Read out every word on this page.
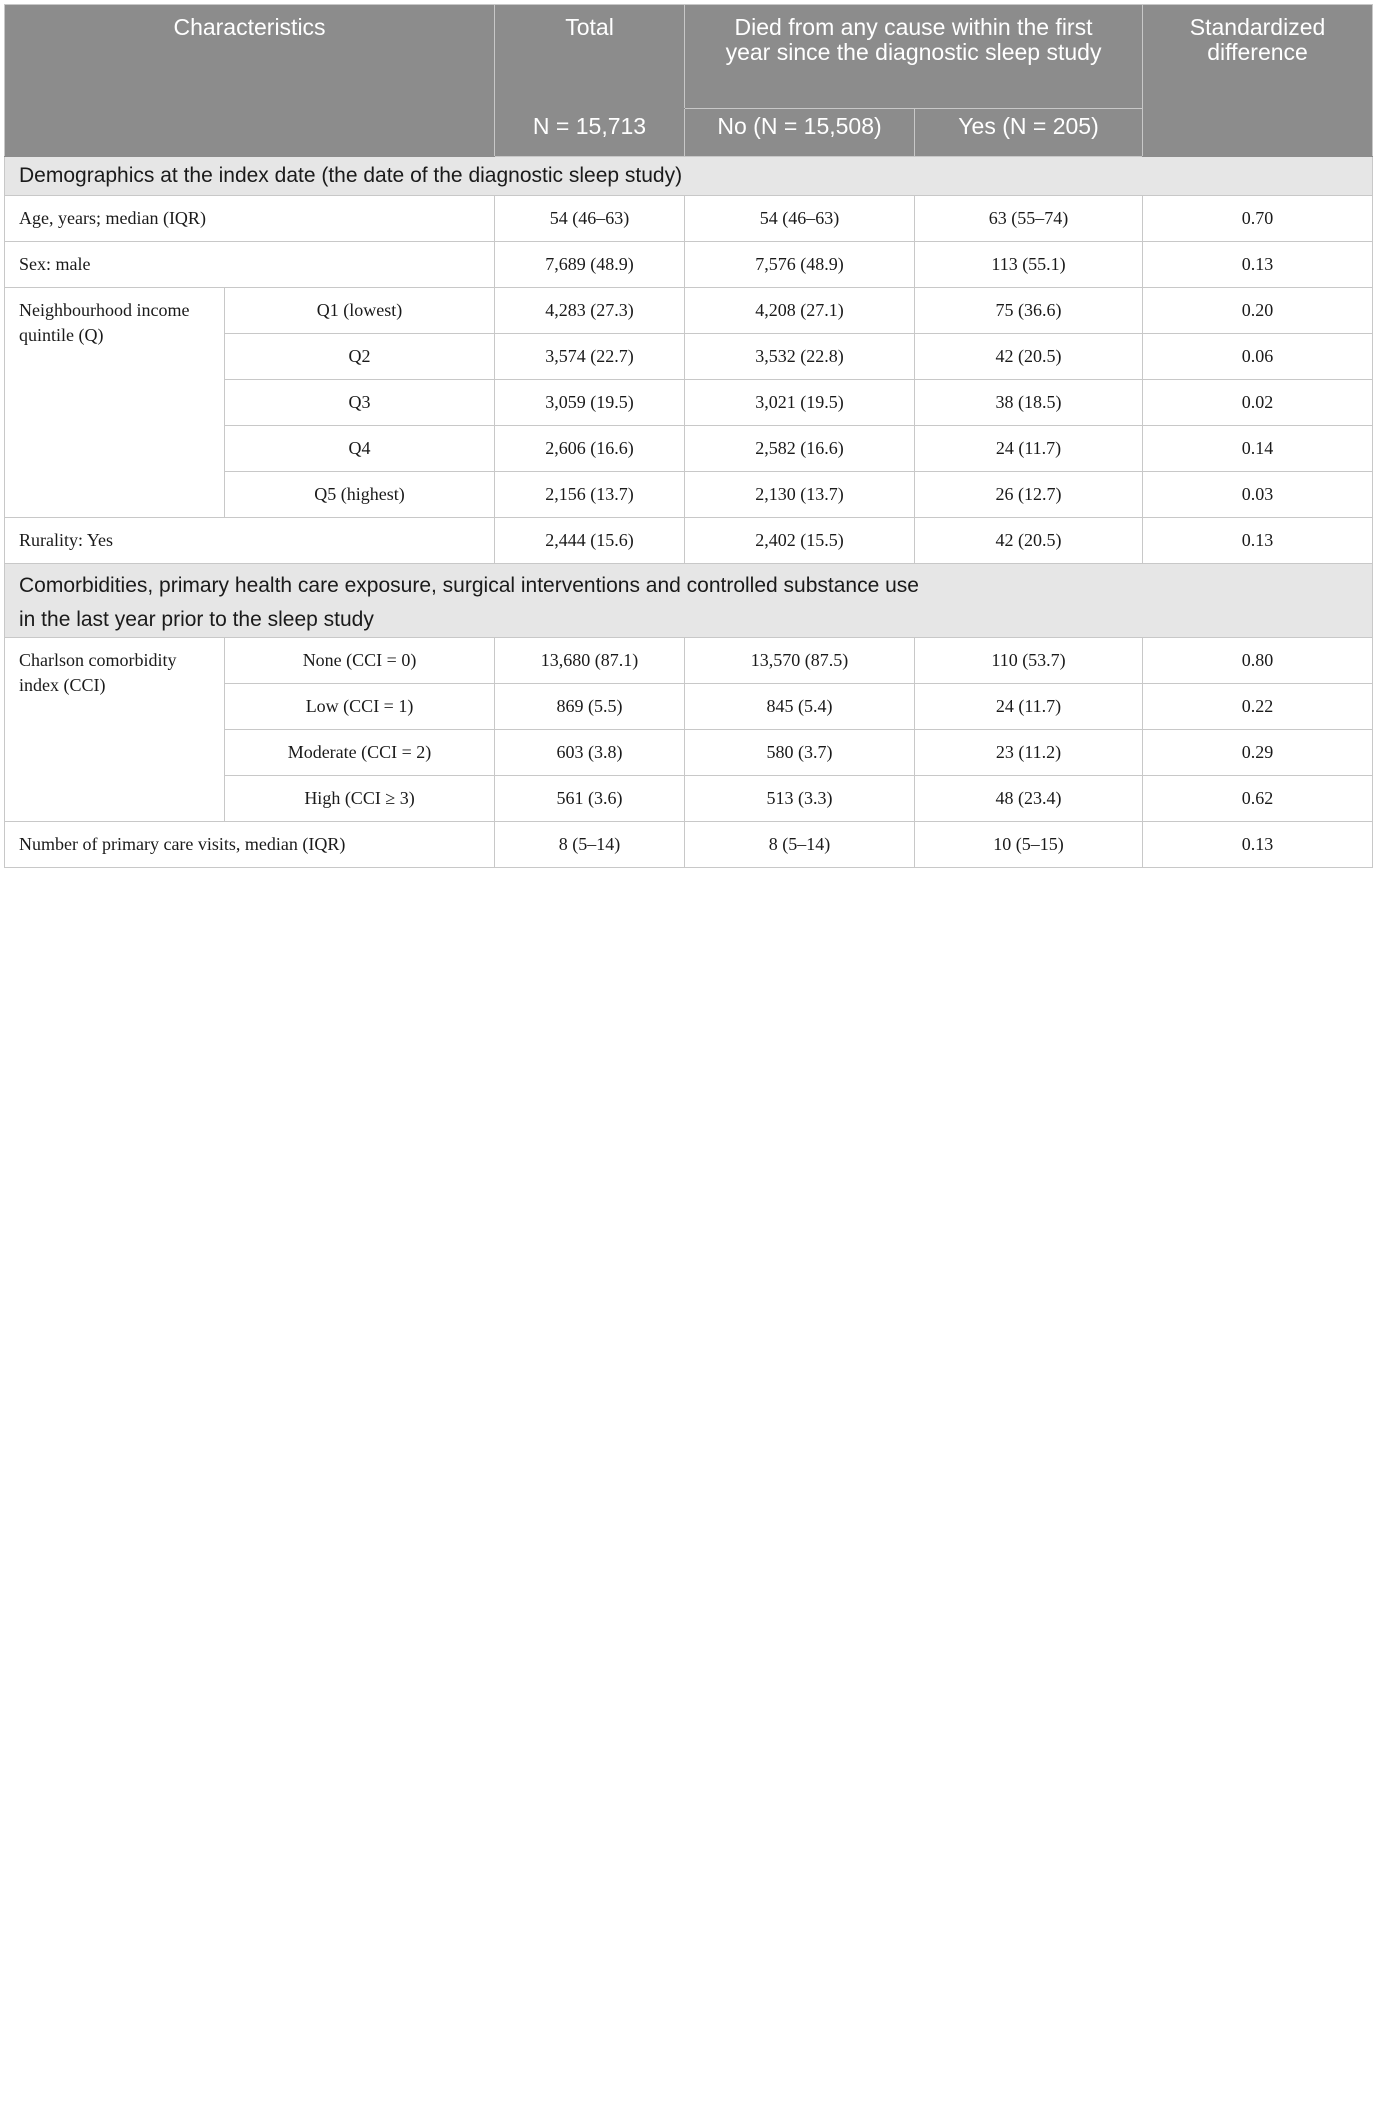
Characteristics		Total	Died from any cause within the first year since the diagnostic sleep study		Standardized difference
		N = 15,713	No (N = 15,508)	Yes (N = 205)	
Demographics at the index date (the date of the diagnostic sleep study)					
Age, years; median (IQR)		54 (46–63)	54 (46–63)	63 (55–74)	0.70
Sex: male		7,689 (48.9)	7,576 (48.9)	113 (55.1)	0.13
Neighbourhood income quintile (Q)	Q1 (lowest)	4,283 (27.3)	4,208 (27.1)	75 (36.6)	0.20
	Q2	3,574 (22.7)	3,532 (22.8)	42 (20.5)	0.06
	Q3	3,059 (19.5)	3,021 (19.5)	38 (18.5)	0.02
	Q4	2,606 (16.6)	2,582 (16.6)	24 (11.7)	0.14
	Q5 (highest)	2,156 (13.7)	2,130 (13.7)	26 (12.7)	0.03
Rurality: Yes		2,444 (15.6)	2,402 (15.5)	42 (20.5)	0.13

Comorbidities, primary health care exposure, surgical interventions and controlled substance use
in the last year prior to the sleep study					

Charlson comorbidity index (CCI)	None (CCI = 0)	13,680 (87.1)	13,570 (87.5)	110 (53.7)	0.80
	Low (CCI = 1)	869 (5.5)	845 (5.4)	24 (11.7)	0.22
	Moderate (CCI = 2)	603 (3.8)	580 (3.7)	23 (11.2)	0.29
	High (CCI ≥ 3)	561 (3.6)	513 (3.3)	48 (23.4)	0.62
Number of primary care visits, median (IQR)		8 (5–14)	8 (5–14)	10 (5–15)	0.13
